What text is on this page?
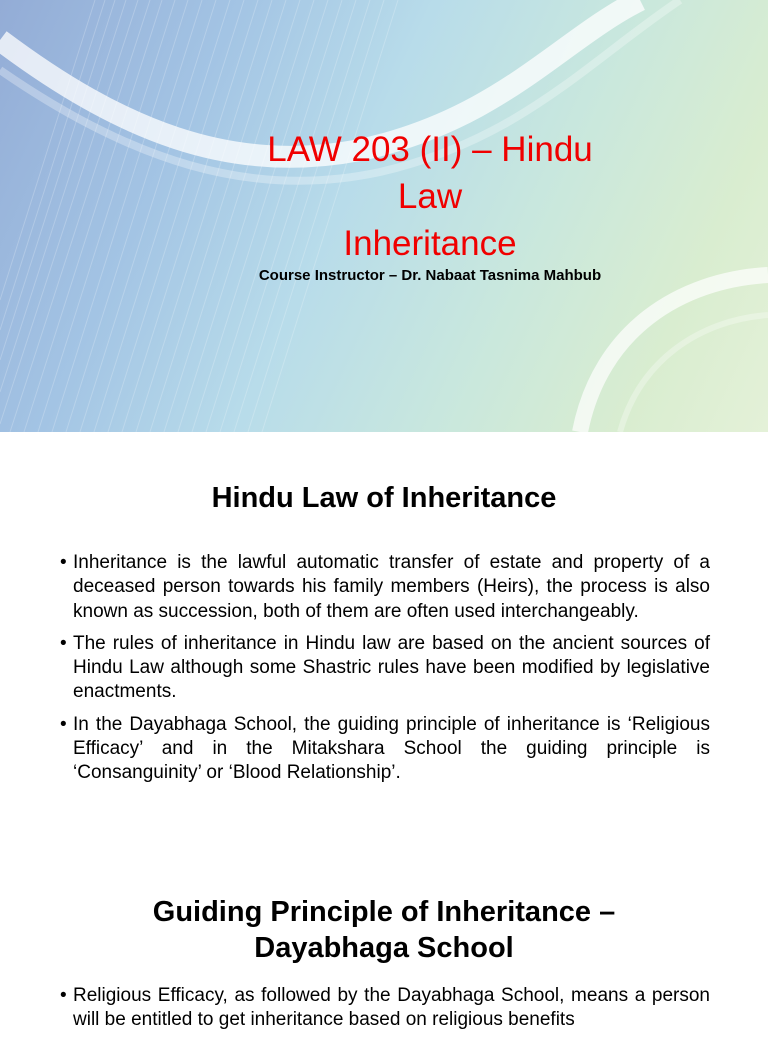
LAW 203 (II) – Hindu
Law
Inheritance

Course Instructor – Dr. Nabaat Tasnima Mahbub

Hindu Law of Inheritance
• Inheritance is the lawful automatic transfer of estate and property of a deceased person towards his family members (Heirs), the process is also known as succession, both of them are often used interchangeably.
• The rules of inheritance in Hindu law are based on the ancient sources of Hindu Law although some Shastric rules have been modified by legislative enactments.
• In the Dayabhaga School, the guiding principle of inheritance is ‘Religious Efficacy’ and in the Mitakshara School the guiding principle is ‘Consanguinity’ or ‘Blood Relationship’.
Guiding Principle of Inheritance –
Dayabhaga School
• Religious Efficacy, as followed by the Dayabhaga School, means a person will be entitled to get inheritance based on religious benefits
